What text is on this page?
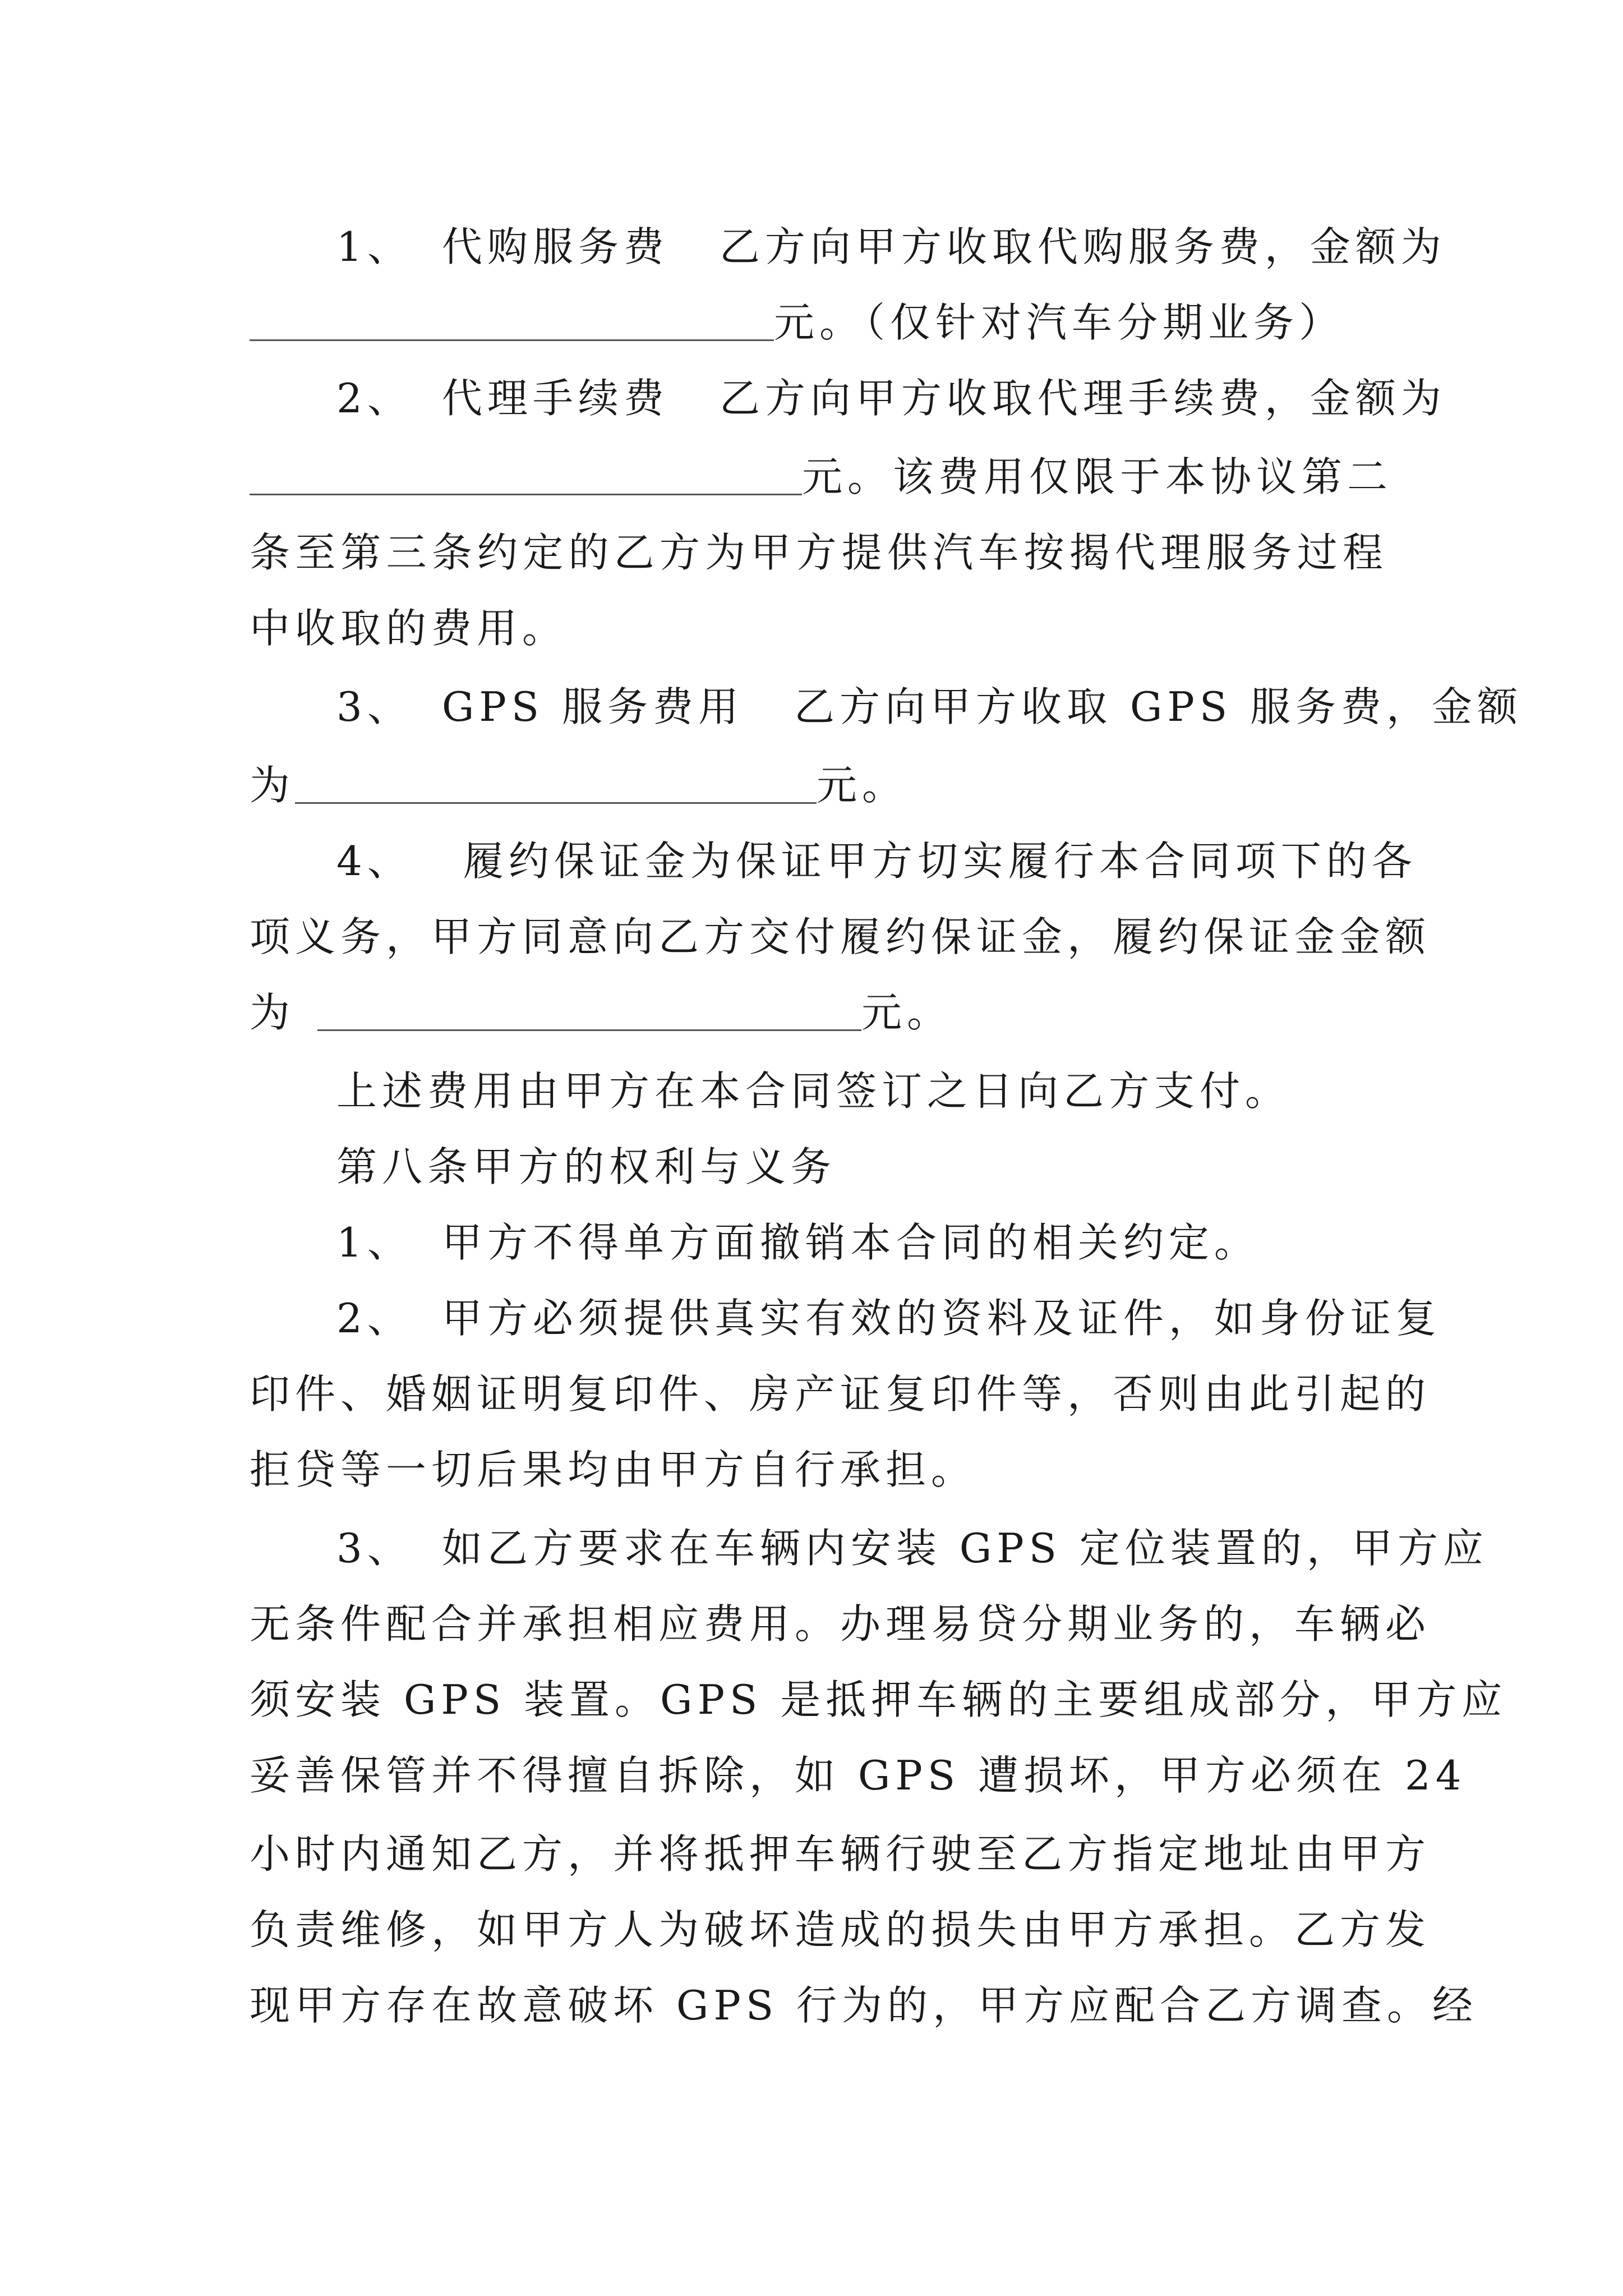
1、 代购服务费 乙方向甲方收取代购服务费，金额为
元。（仅针对汽车分期业务）
2、 代理手续费 乙方向甲方收取代理手续费，金额为
元。该费用仅限于本协议第二
条至第三条约定的乙方为甲方提供汽车按揭代理服务过程
中收取的费用。
3、 GPS 服务费用 乙方向甲方收取 GPS 服务费，金额
为	元。
4、 履约保证金为保证甲方切实履行本合同项下的各
项义务，甲方同意向乙方交付履约保证金，履约保证金金额
为	元。
上述费用由甲方在本合同签订之日向乙方支付。
第八条甲方的权利与义务
1、 甲方不得单方面撤销本合同的相关约定。
2、 甲方必须提供真实有效的资料及证件，如身份证复
印件、婚姻证明复印件、房产证复印件等，否则由此引起的
拒贷等一切后果均由甲方自行承担。
3、 如乙方要求在车辆内安装 GPS 定位装置的，甲方应
无条件配合并承担相应费用。办理易贷分期业务的，车辆必
须安装 GPS 装置。GPS 是抵押车辆的主要组成部分，甲方应
妥善保管并不得擅自拆除，如 GPS 遭损坏，甲方必须在 24
小时内通知乙方，并将抵押车辆行驶至乙方指定地址由甲方
负责维修，如甲方人为破坏造成的损失由甲方承担。乙方发
现甲方存在故意破坏 GPS 行为的，甲方应配合乙方调查。经
